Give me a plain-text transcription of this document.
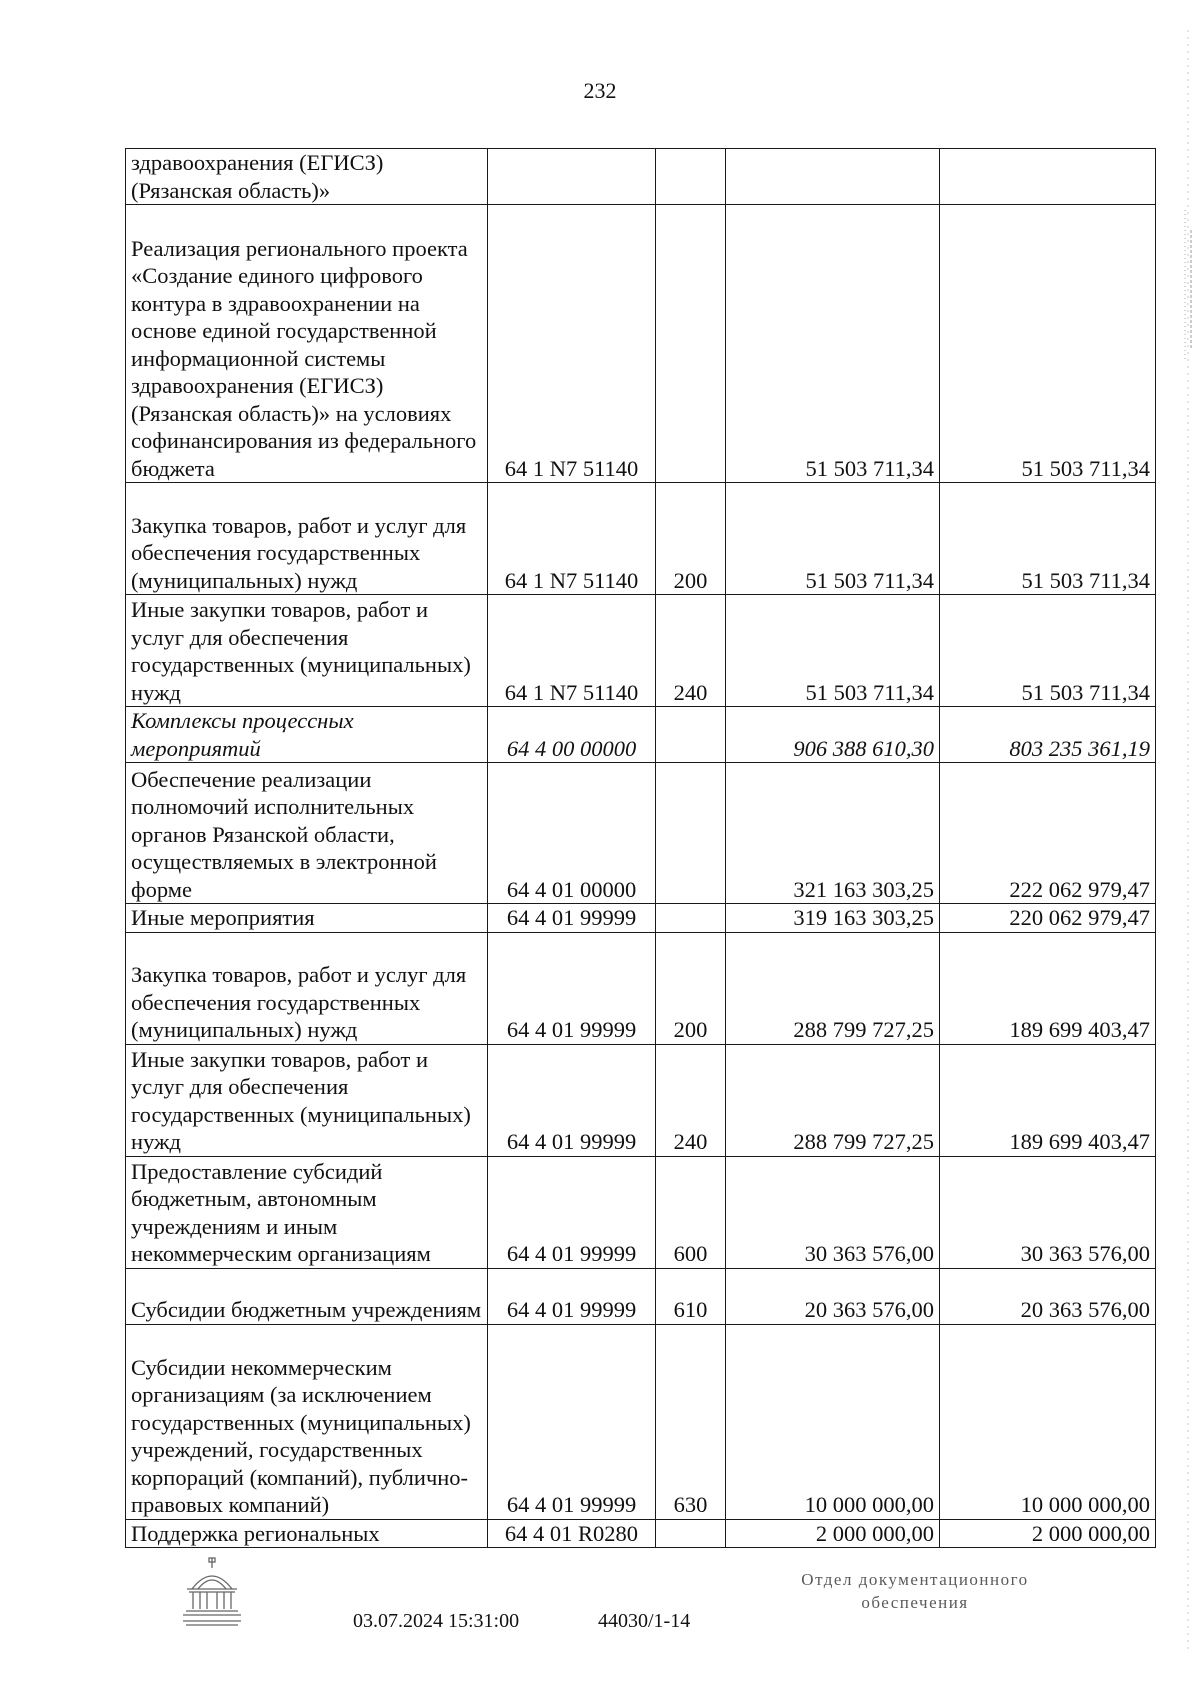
232
здравоохранения (ЕГИСЗ) (Рязанская область)»				
Реализация регионального проекта «Создание единого цифрового контура в здравоохранении на основе единой государственной информационной системы здравоохранения (ЕГИСЗ) (Рязанская область)» на условиях софинансирования из федерального бюджета	64 1 N7 51140		51 503 711,34	51 503 711,34
Закупка товаров, работ и услуг для обеспечения государственных (муниципальных) нужд	64 1 N7 51140	200	51 503 711,34	51 503 711,34
Иные закупки товаров, работ и услуг для обеспечения государственных (муниципальных) нужд	64 1 N7 51140	240	51 503 711,34	51 503 711,34
Комплексы процессных мероприятий	64 4 00 00000		906 388 610,30	803 235 361,19
Обеспечение реализации полномочий исполнительных органов Рязанской области, осуществляемых в электронной форме	64 4 01 00000		321 163 303,25	222 062 979,47
Иные мероприятия	64 4 01 99999		319 163 303,25	220 062 979,47
Закупка товаров, работ и услуг для обеспечения государственных (муниципальных) нужд	64 4 01 99999	200	288 799 727,25	189 699 403,47
Иные закупки товаров, работ и услуг для обеспечения государственных (муниципальных) нужд	64 4 01 99999	240	288 799 727,25	189 699 403,47
Предоставление субсидий бюджетным, автономным учреждениям и иным некоммерческим организациям	64 4 01 99999	600	30 363 576,00	30 363 576,00
Субсидии бюджетным учреждениям	64 4 01 99999	610	20 363 576,00	20 363 576,00
Субсидии некоммерческим организациям (за исключением государственных (муниципальных) учреждений, государственных корпораций (компаний), публично-правовых компаний)	64 4 01 99999	630	10 000 000,00	10 000 000,00
Поддержка региональных	64 4 01 R0280		2 000 000,00	2 000 000,00
03.07.2024 15:31:00	44030/1-14
Отдел документационного
обеспечения
